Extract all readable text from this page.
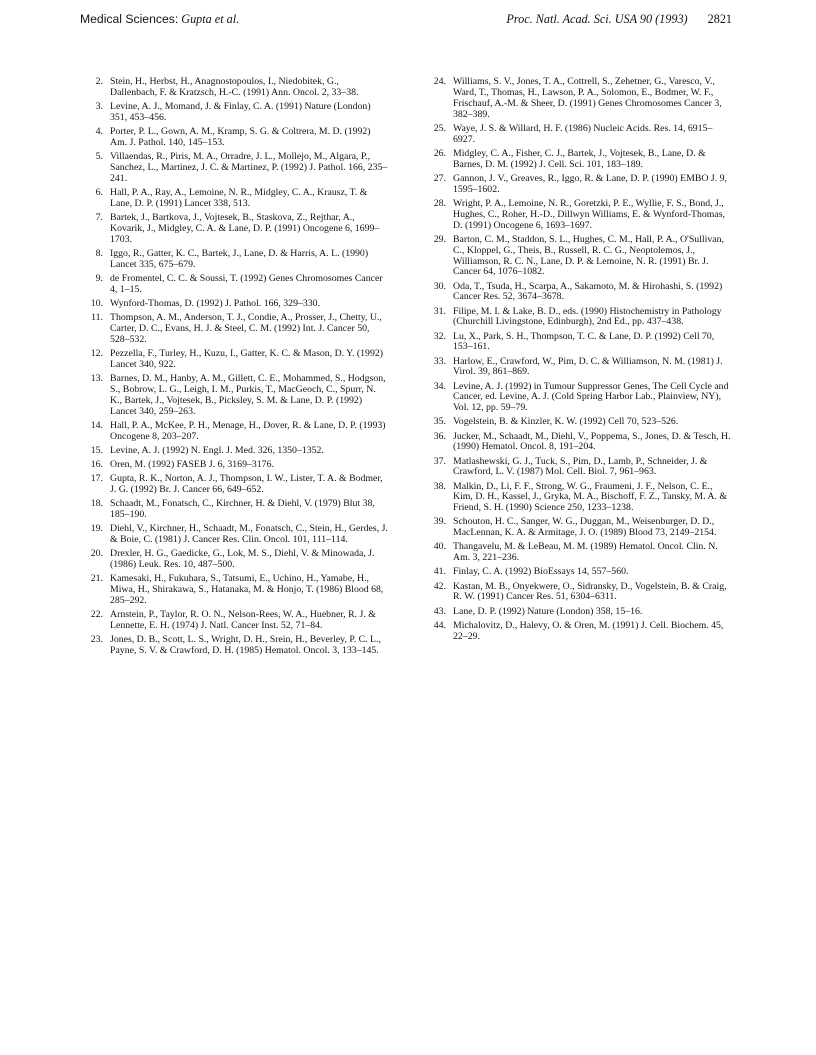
Medical Sciences: Gupta et al.	Proc. Natl. Acad. Sci. USA 90 (1993) 2821
2. Stein, H., Herbst, H., Anagnostopoulos, I., Niedobitek, G., Dallenbach, F. & Kratzsch, H.-C. (1991) Ann. Oncol. 2, 33–38.
3. Levine, A. J., Momand, J. & Finlay, C. A. (1991) Nature (London) 351, 453–456.
4. Porter, P. L., Gown, A. M., Kramp, S. G. & Coltrera, M. D. (1992) Am. J. Pathol. 140, 145–153.
5. Villaendas, R., Piris, M. A., Orradre, J. L., Mollejo, M., Algara, P., Sanchez, L., Martinez, J. C. & Martinez, P. (1992) J. Pathol. 166, 235–241.
6. Hall, P. A., Ray, A., Lemoine, N. R., Midgley, C. A., Krausz, T. & Lane, D. P. (1991) Lancet 338, 513.
7. Bartek, J., Bartkova, J., Vojtesek, B., Staskova, Z., Rejthar, A., Kovarik, J., Midgley, C. A. & Lane, D. P. (1991) Oncogene 6, 1699–1703.
8. Iggo, R., Gatter, K. C., Bartek, J., Lane, D. & Harris, A. L. (1990) Lancet 335, 675–679.
9. de Fromentel, C. C. & Soussi, T. (1992) Genes Chromosomes Cancer 4, 1–15.
10. Wynford-Thomas, D. (1992) J. Pathol. 166, 329–330.
11. Thompson, A. M., Anderson, T. J., Condie, A., Prosser, J., Chetty, U., Carter, D. C., Evans, H. J. & Steel, C. M. (1992) Int. J. Cancer 50, 528–532.
12. Pezzella, F., Turley, H., Kuzu, I., Gatter, K. C. & Mason, D. Y. (1992) Lancet 340, 922.
13. Barnes, D. M., Hanby, A. M., Gillett, C. E., Mohammed, S., Hodgson, S., Bobrow, L. G., Leigh, I. M., Purkis, T., MacGeoch, C., Spurr, N. K., Bartek, J., Vojtesek, B., Picksley, S. M. & Lane, D. P. (1992) Lancet 340, 259–263.
14. Hall, P. A., McKee, P. H., Menage, H., Dover, R. & Lane, D. P. (1993) Oncogene 8, 203–207.
15. Levine, A. J. (1992) N. Engl. J. Med. 326, 1350–1352.
16. Oren, M. (1992) FASEB J. 6, 3169–3176.
17. Gupta, R. K., Norton, A. J., Thompson, I. W., Lister, T. A. & Bodmer, J. G. (1992) Br. J. Cancer 66, 649–652.
18. Schaadt, M., Fonatsch, C., Kirchner, H. & Diehl, V. (1979) Blut 38, 185–190.
19. Diehl, V., Kirchner, H., Schaadt, M., Fonatsch, C., Stein, H., Gerdes, J. & Boie, C. (1981) J. Cancer Res. Clin. Oncol. 101, 111–114.
20. Drexler, H. G., Gaedicke, G., Lok, M. S., Diehl, V. & Minowada, J. (1986) Leuk. Res. 10, 487–500.
21. Kamesaki, H., Fukuhara, S., Tatsumi, E., Uchino, H., Yamabe, H., Miwa, H., Shirakawa, S., Hatanaka, M. & Honjo, T. (1986) Blood 68, 285–292.
22. Arnstein, P., Taylor, R. O. N., Nelson-Rees, W. A., Huebner, R. J. & Lennette, E. H. (1974) J. Natl. Cancer Inst. 52, 71–84.
23. Jones, D. B., Scott, L. S., Wright, D. H., Srein, H., Beverley, P. C. L., Payne, S. V. & Crawford, D. H. (1985) Hematol. Oncol. 3, 133–145.
24. Williams, S. V., Jones, T. A., Cottrell, S., Zehetner, G., Varesco, V., Ward, T., Thomas, H., Lawson, P. A., Solomon, E., Bodmer, W. F., Frischauf, A.-M. & Sheer, D. (1991) Genes Chromosomes Cancer 3, 382–389.
25. Waye, J. S. & Willard, H. F. (1986) Nucleic Acids. Res. 14, 6915–6927.
26. Midgley, C. A., Fisher, C. J., Bartek, J., Vojtesek, B., Lane, D. & Barnes, D. M. (1992) J. Cell. Sci. 101, 183–189.
27. Gannon, J. V., Greaves, R., Iggo, R. & Lane, D. P. (1990) EMBO J. 9, 1595–1602.
28. Wright, P. A., Lemoine, N. R., Goretzki, P. E., Wyllie, F. S., Bond, J., Hughes, C., Roher, H.-D., Dillwyn Williams, E. & Wynford-Thomas, D. (1991) Oncogene 6, 1693–1697.
29. Barton, C. M., Staddon, S. L., Hughes, C. M., Hall, P. A., O'Sullivan, C., Kloppel, G., Theis, B., Russell, R. C. G., Neoptolemos, J., Williamson, R. C. N., Lane, D. P. & Lemoine, N. R. (1991) Br. J. Cancer 64, 1076–1082.
30. Oda, T., Tsuda, H., Scarpa, A., Sakamoto, M. & Hirohashi, S. (1992) Cancer Res. 52, 3674–3678.
31. Filipe, M. I. & Lake, B. D., eds. (1990) Histochemistry in Pathology (Churchill Livingstone, Edinburgh), 2nd Ed., pp. 437–438.
32. Lu, X., Park, S. H., Thompson, T. C. & Lane, D. P. (1992) Cell 70, 153–161.
33. Harlow, E., Crawford, W., Pim, D. C. & Williamson, N. M. (1981) J. Virol. 39, 861–869.
34. Levine, A. J. (1992) in Tumour Suppressor Genes, The Cell Cycle and Cancer, ed. Levine, A. J. (Cold Spring Harbor Lab., Plainview, NY), Vol. 12, pp. 59–79.
35. Vogelstein, B. & Kinzler, K. W. (1992) Cell 70, 523–526.
36. Jucker, M., Schaadt, M., Diehl, V., Poppema, S., Jones, D. & Tesch, H. (1990) Hematol. Oncol. 8, 191–204.
37. Matlashewski, G. J., Tuck, S., Pim, D., Lamb, P., Schneider, J. & Crawford, L. V. (1987) Mol. Cell. Biol. 7, 961–963.
38. Malkin, D., Li, F. F., Strong, W. G., Fraumeni, J. F., Nelson, C. E., Kim, D. H., Kassel, J., Gryka, M. A., Bischoff, F. Z., Tansky, M. A. & Friend, S. H. (1990) Science 250, 1233–1238.
39. Schouton, H. C., Sanger, W. G., Duggan, M., Weisenburger, D. D., MacLennan, K. A. & Armitage, J. O. (1989) Blood 73, 2149–2154.
40. Thangavelu, M. & LeBeau, M. M. (1989) Hematol. Oncol. Clin. N. Am. 3, 221–236.
41. Finlay, C. A. (1992) BioEssays 14, 557–560.
42. Kastan, M. B., Onyekwere, O., Sidransky, D., Vogelstein, B. & Craig, R. W. (1991) Cancer Res. 51, 6304–6311.
43. Lane, D. P. (1992) Nature (London) 358, 15–16.
44. Michalovitz, D., Halevy, O. & Oren, M. (1991) J. Cell. Biochem. 45, 22–29.
